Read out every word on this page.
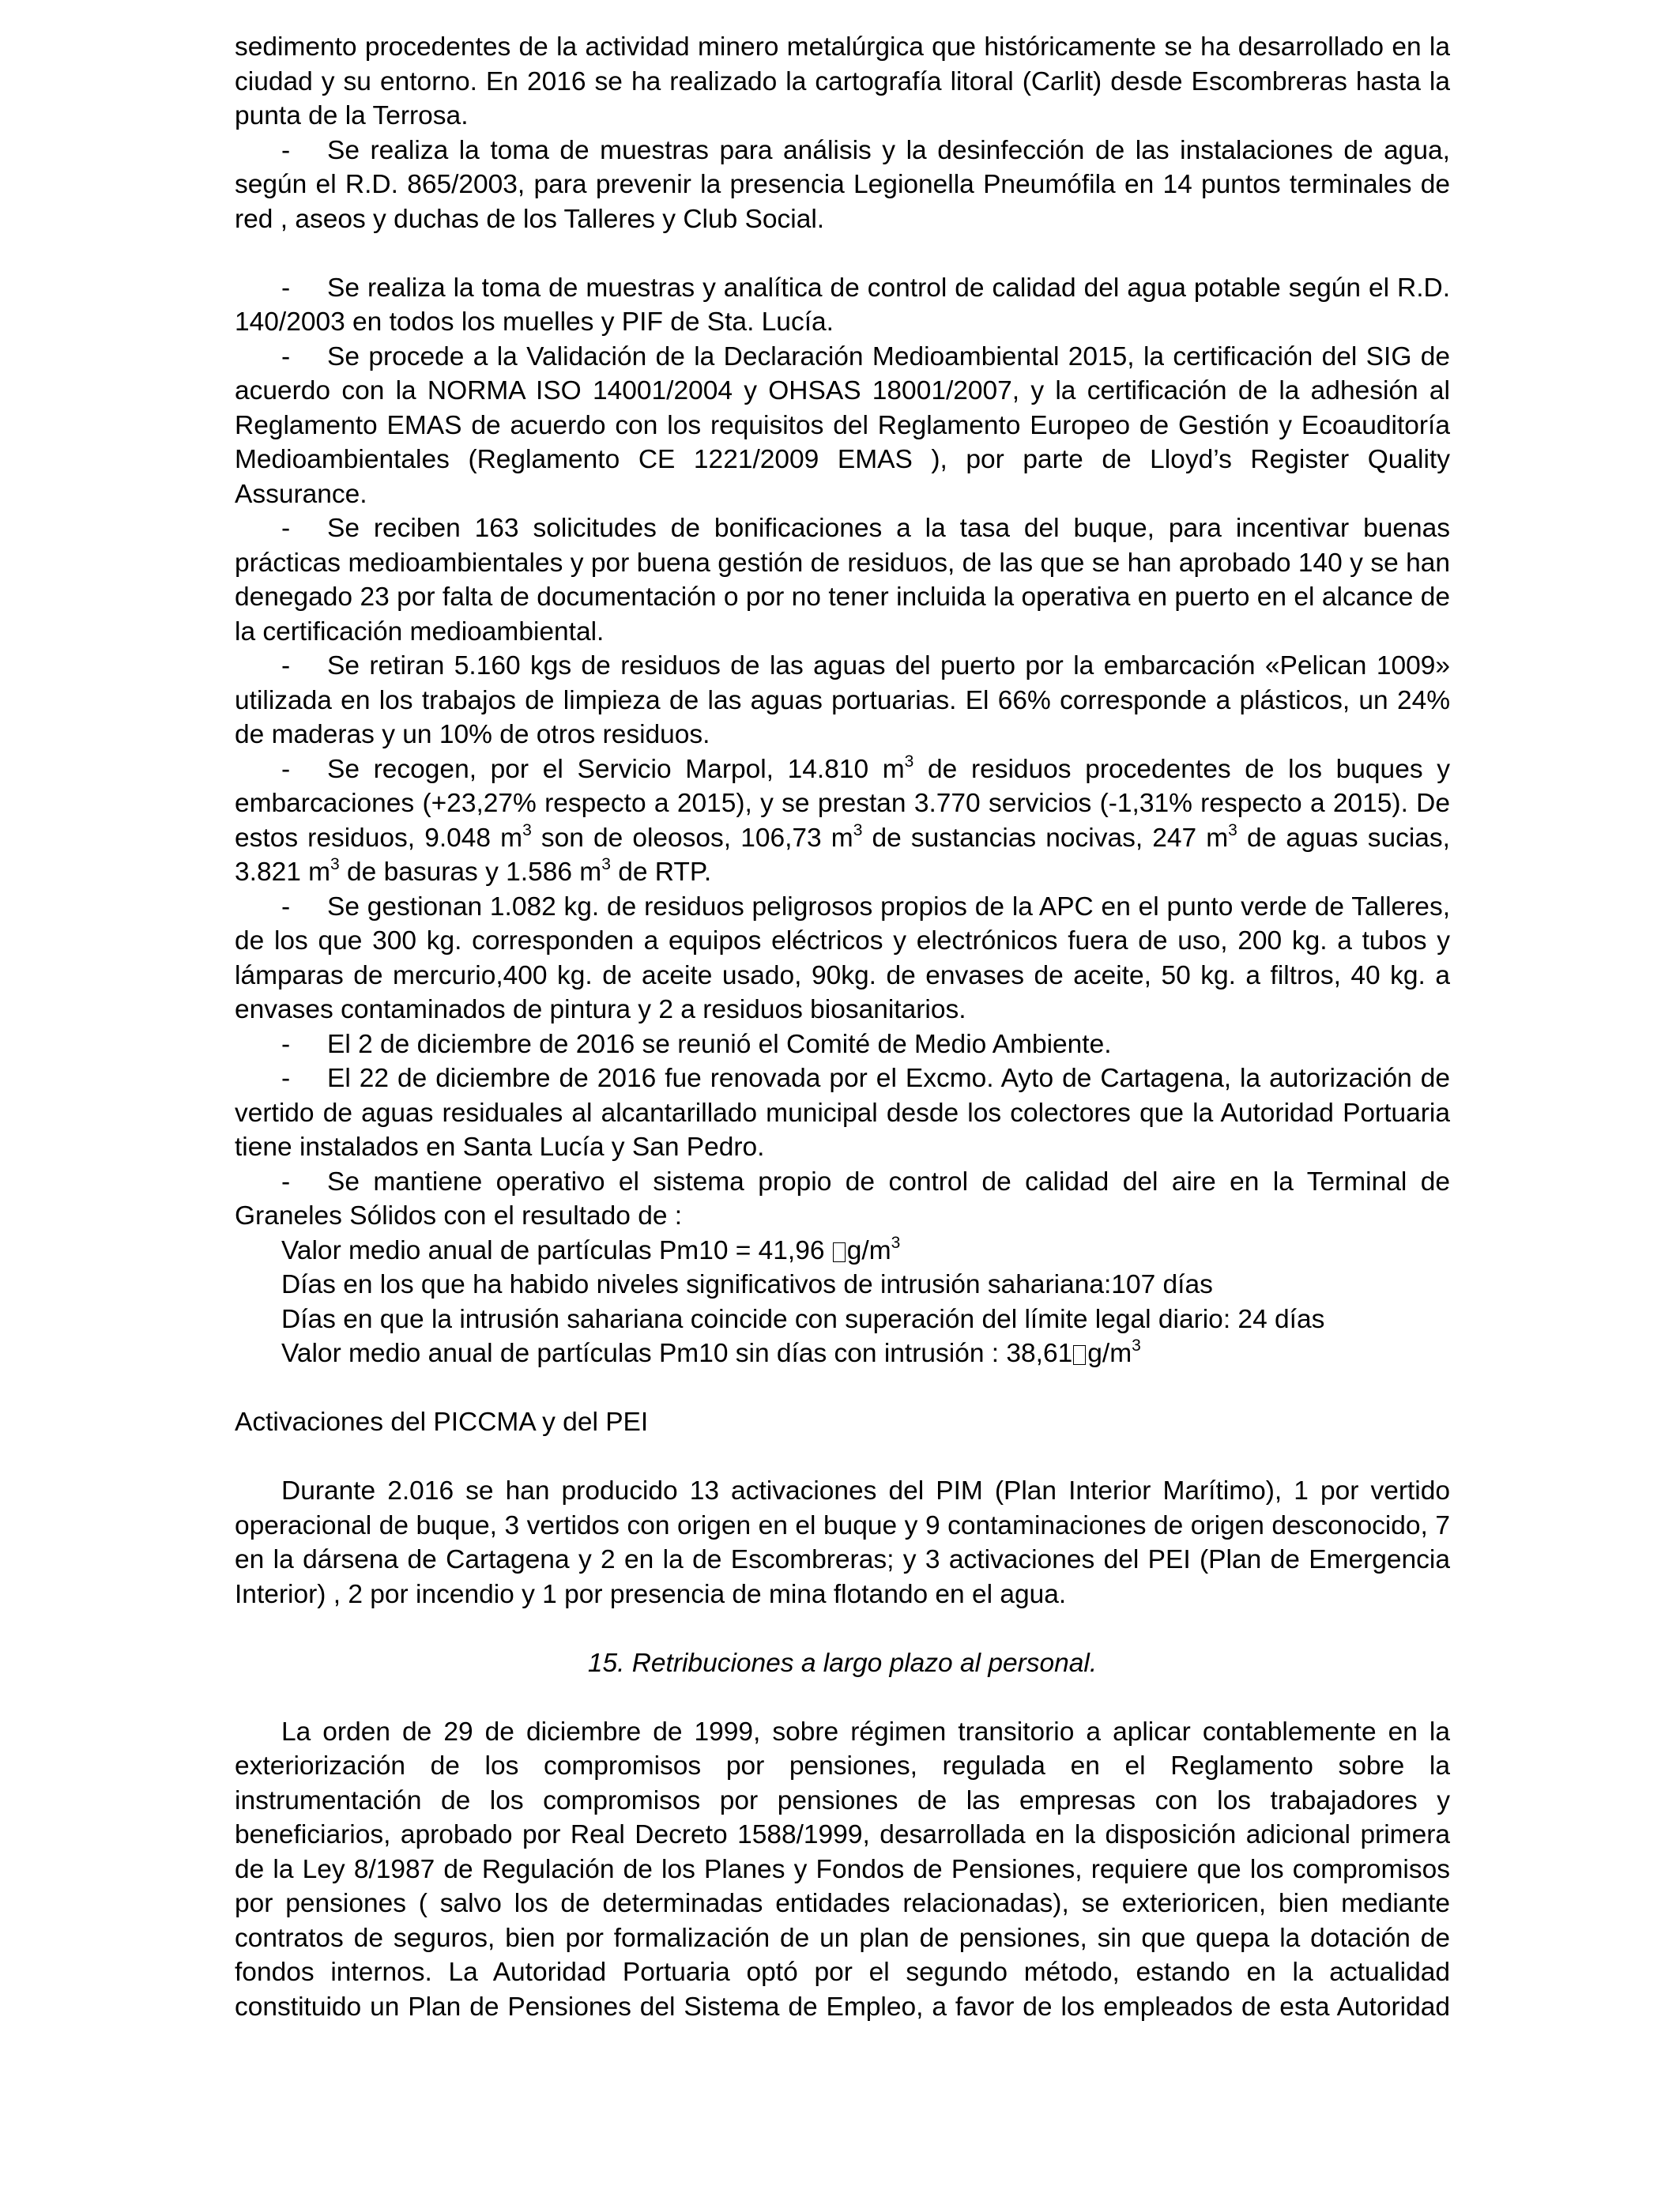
sedimento procedentes de la actividad minero metalúrgica que históricamente se ha desarrollado en la ciudad y su entorno. En 2016 se ha realizado la cartografía litoral (Carlit) desde Escombreras hasta la punta de la Terrosa.

- Se realiza la toma de muestras para análisis y la desinfección de las instalaciones de agua, según el R.D. 865/2003, para prevenir la presencia Legionella Pneumófila en 14 puntos terminales de red , aseos y duchas de los Talleres y Club Social.

- Se realiza la toma de muestras y analítica de control de calidad del agua potable según el R.D. 140/2003 en todos los muelles y PIF de Sta. Lucía.

- Se procede a la Validación de la Declaración Medioambiental 2015, la certificación del SIG de acuerdo con la NORMA ISO 14001/2004 y OHSAS 18001/2007, y la certificación de la adhesión al Reglamento EMAS de acuerdo con los requisitos del Reglamento Europeo de Gestión y Ecoauditoría Medioambientales (Reglamento CE 1221/2009 EMAS ), por parte de Lloyd’s Register Quality Assurance.

- Se reciben 163 solicitudes de bonificaciones a la tasa del buque, para incentivar buenas prácticas medioambientales y por buena gestión de residuos, de las que se han aprobado 140 y se han denegado 23 por falta de documentación o por no tener incluida la operativa en puerto en el alcance de la certificación medioambiental.

- Se retiran 5.160 kgs de residuos de las aguas del puerto por la embarcación «Pelican 1009» utilizada en los trabajos de limpieza de las aguas portuarias. El 66% corresponde a plásticos, un 24% de maderas y un 10% de otros residuos.

- Se recogen, por el Servicio Marpol, 14.810 $m^3$ de residuos procedentes de los buques y embarcaciones (+23,27% respecto a 2015), y se prestan 3.770 servicios (-1,31% respecto a 2015). De estos residuos, 9.048 $m^3$ son de oleosos, 106,73 $m^3$ de sustancias nocivas, 247 $m^3$ de aguas sucias, 3.821 $m^3$ de basuras y 1.586 $m^3$ de RTP.

- Se gestionan 1.082 kg. de residuos peligrosos propios de la APC en el punto verde de Talleres, de los que 300 kg. corresponden a equipos eléctricos y electrónicos fuera de uso, 200 kg. a tubos y lámparas de mercurio,400 kg. de aceite usado, 90kg. de envases de aceite, 50 kg. a filtros, 40 kg. a envases contaminados de pintura y 2 a residuos biosanitarios.

- El 2 de diciembre de 2016 se reunió el Comité de Medio Ambiente.

- El 22 de diciembre de 2016 fue renovada por el Excmo. Ayto de Cartagena, la autorización de vertido de aguas residuales al alcantarillado municipal desde los colectores que la Autoridad Portuaria tiene instalados en Santa Lucía y San Pedro.

- Se mantiene operativo el sistema propio de control de calidad del aire en la Terminal de Graneles Sólidos con el resultado de :

Valor medio anual de partículas Pm10 = 41,96 $g/m^3$

Días en los que ha habido niveles significativos de intrusión sahariana:107 días

Días en que la intrusión sahariana coincide con superación del límite legal diario: 24 días

Valor medio anual de partículas Pm10 sin días con intrusión : 38,61 $g/m^3$

Activaciones del PICCMA y del PEI

Durante 2.016 se han producido 13 activaciones del PIM (Plan Interior Marítimo), 1 por vertido operacional de buque, 3 vertidos con origen en el buque y 9 contaminaciones de origen desconocido, 7 en la dársena de Cartagena y 2 en la de Escombreras; y 3 activaciones del PEI (Plan de Emergencia Interior) , 2 por incendio y 1 por presencia de mina flotando en el agua.

15. Retribuciones a largo plazo al personal.

La orden de 29 de diciembre de 1999, sobre régimen transitorio a aplicar contablemente en la exteriorización de los compromisos por pensiones, regulada en el Reglamento sobre la instrumentación de los compromisos por pensiones de las empresas con los trabajadores y beneficiarios, aprobado por Real Decreto 1588/1999, desarrollada en la disposición adicional primera de la Ley 8/1987 de Regulación de los Planes y Fondos de Pensiones, requiere que los compromisos por pensiones ( salvo los de determinadas entidades relacionadas), se exterioricen, bien mediante contratos de seguros, bien por formalización de un plan de pensiones, sin que quepa la dotación de fondos internos. La Autoridad Portuaria optó por el segundo método, estando en la actualidad constituido un Plan de Pensiones del Sistema de Empleo, a favor de los empleados de esta Autoridad
